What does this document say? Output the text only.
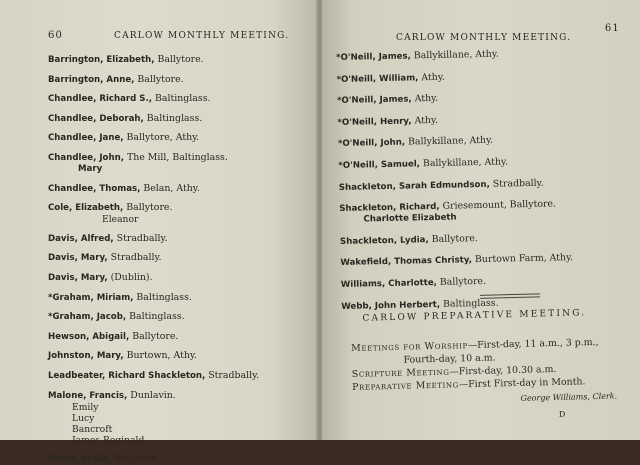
60	CARLOW MONTHLY MEETING.
Barrington, Elizabeth, Ballytore.
Barrington, Anne, Ballytore.
Chandlee, Richard S., Baltinglass.
Chandlee, Deborah, Baltinglass.
Chandlee, Jane, Ballytore, Athy.
Chandlee, John, The Mill, Baltinglass.
Mary
Chandlee, Thomas, Belan, Athy.
Cole, Elizabeth, Ballytore.
Eleanor
Davis, Alfred, Stradbally.
Davis, Mary, Stradbally.
Davis, Mary, (Dublin).
*Graham, Miriam, Baltinglass.
*Graham, Jacob, Baltinglass.
Hewson, Abigail, Ballytore.
Johnston, Mary, Burtown, Athy.
Leadbeater, Richard Shackleton, Stradbally.
Malone, Francis, Dunlavin.
Emily
Lucy
Bancroft
James Reginald
Neale, Lydia, Ballytore.
CARLOW MONTHLY MEETING.
61
*O'Neill, James, Ballykillane, Athy.
*O'Neill, William, Athy.
*O'Neill, James, Athy.
*O'Neill, Henry, Athy.
*O'Neill, John, Ballykillane, Athy.
*O'Neill, Samuel, Ballykillane, Athy.
Shackleton, Sarah Edmundson, Stradbally.
Shackleton, Richard, Griesemount, Ballytore.
Charlotte Elizabeth
Shackleton, Lydia, Ballytore.
Wakefield, Thomas Christy, Burtown Farm, Athy.
Williams, Charlotte, Ballytore.
Webb, John Herbert, Baltinglass.
CARLOW PREPARATIVE MEETING.
Meetings for Worship—First-day, 11 a.m., 3 p.m.,
Fourth-day, 10 a.m.
Scripture Meeting—First-day, 10.30 a.m.
Preparative Meeting—First First-day in Month.
George Williams, Clerk.
D
